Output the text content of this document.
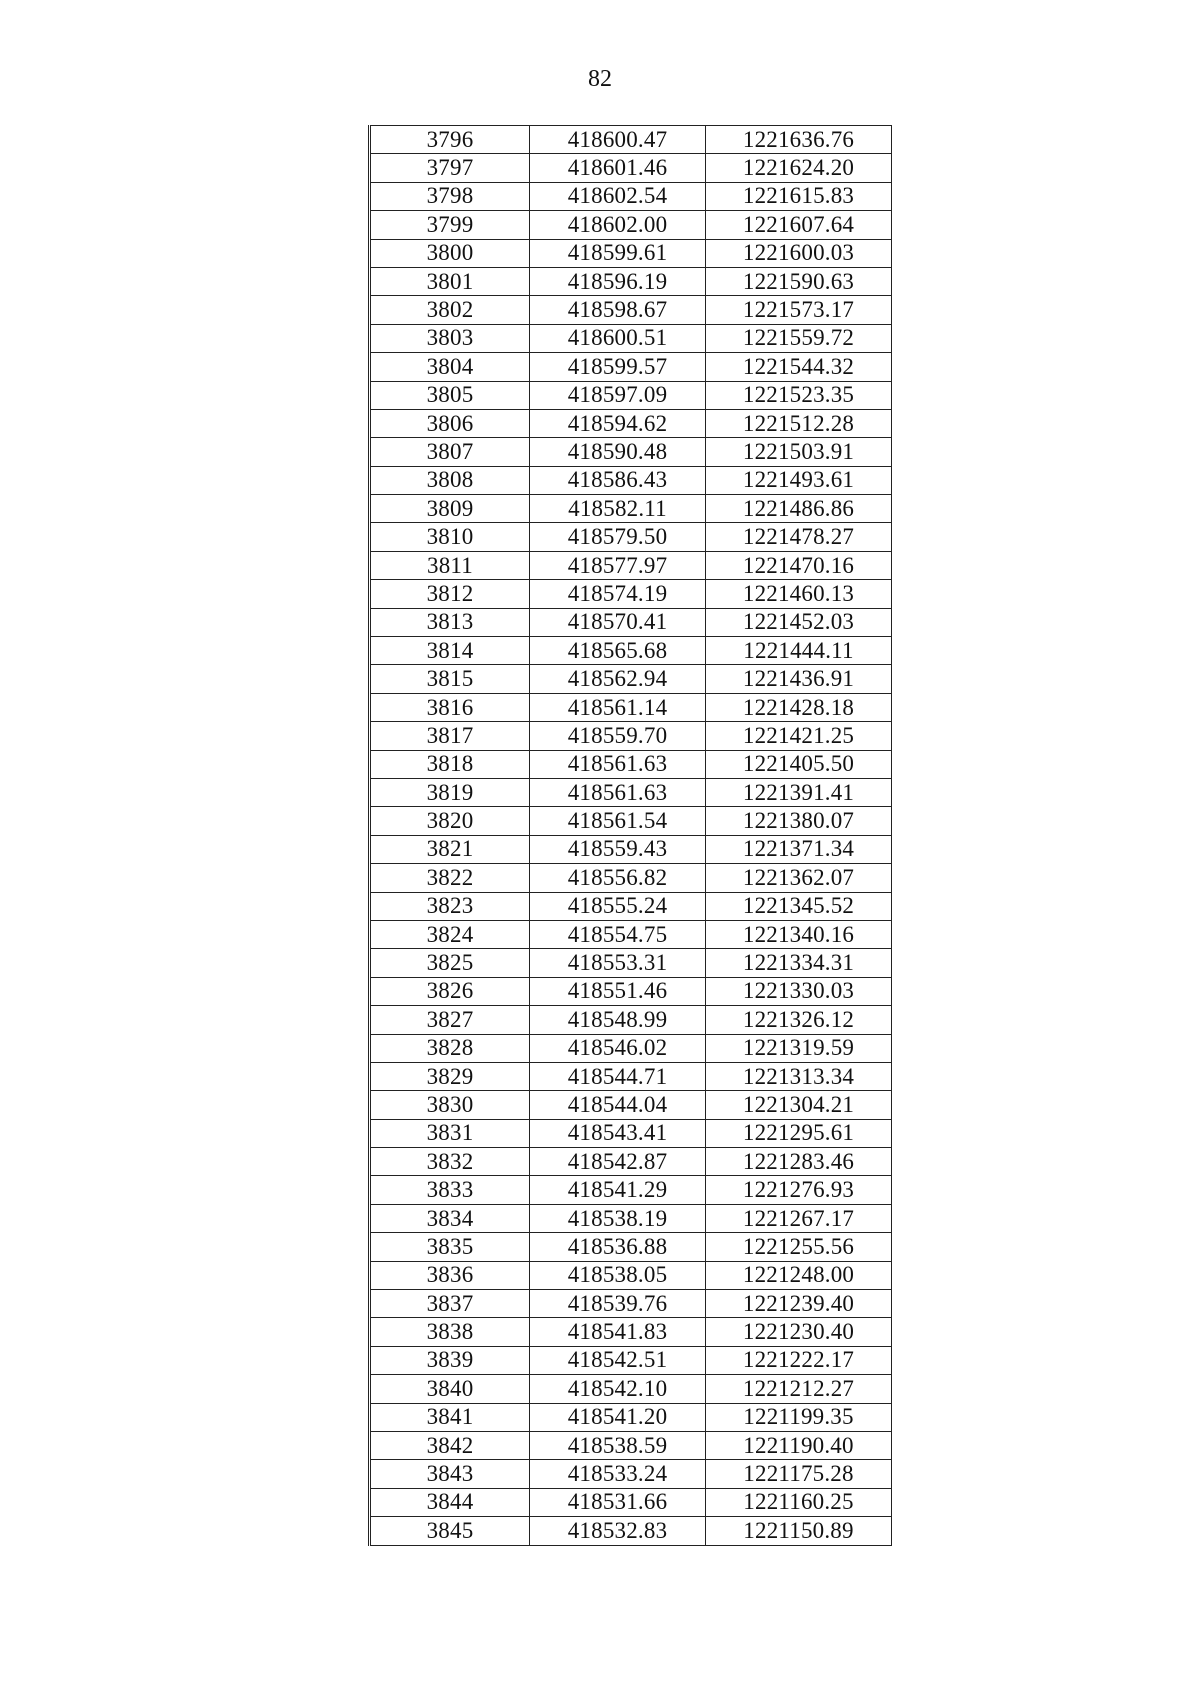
82
3796	418600.47	1221636.76
3797	418601.46	1221624.20
3798	418602.54	1221615.83
3799	418602.00	1221607.64
3800	418599.61	1221600.03
3801	418596.19	1221590.63
3802	418598.67	1221573.17
3803	418600.51	1221559.72
3804	418599.57	1221544.32
3805	418597.09	1221523.35
3806	418594.62	1221512.28
3807	418590.48	1221503.91
3808	418586.43	1221493.61
3809	418582.11	1221486.86
3810	418579.50	1221478.27
3811	418577.97	1221470.16
3812	418574.19	1221460.13
3813	418570.41	1221452.03
3814	418565.68	1221444.11
3815	418562.94	1221436.91
3816	418561.14	1221428.18
3817	418559.70	1221421.25
3818	418561.63	1221405.50
3819	418561.63	1221391.41
3820	418561.54	1221380.07
3821	418559.43	1221371.34
3822	418556.82	1221362.07
3823	418555.24	1221345.52
3824	418554.75	1221340.16
3825	418553.31	1221334.31
3826	418551.46	1221330.03
3827	418548.99	1221326.12
3828	418546.02	1221319.59
3829	418544.71	1221313.34
3830	418544.04	1221304.21
3831	418543.41	1221295.61
3832	418542.87	1221283.46
3833	418541.29	1221276.93
3834	418538.19	1221267.17
3835	418536.88	1221255.56
3836	418538.05	1221248.00
3837	418539.76	1221239.40
3838	418541.83	1221230.40
3839	418542.51	1221222.17
3840	418542.10	1221212.27
3841	418541.20	1221199.35
3842	418538.59	1221190.40
3843	418533.24	1221175.28
3844	418531.66	1221160.25
3845	418532.83	1221150.89
